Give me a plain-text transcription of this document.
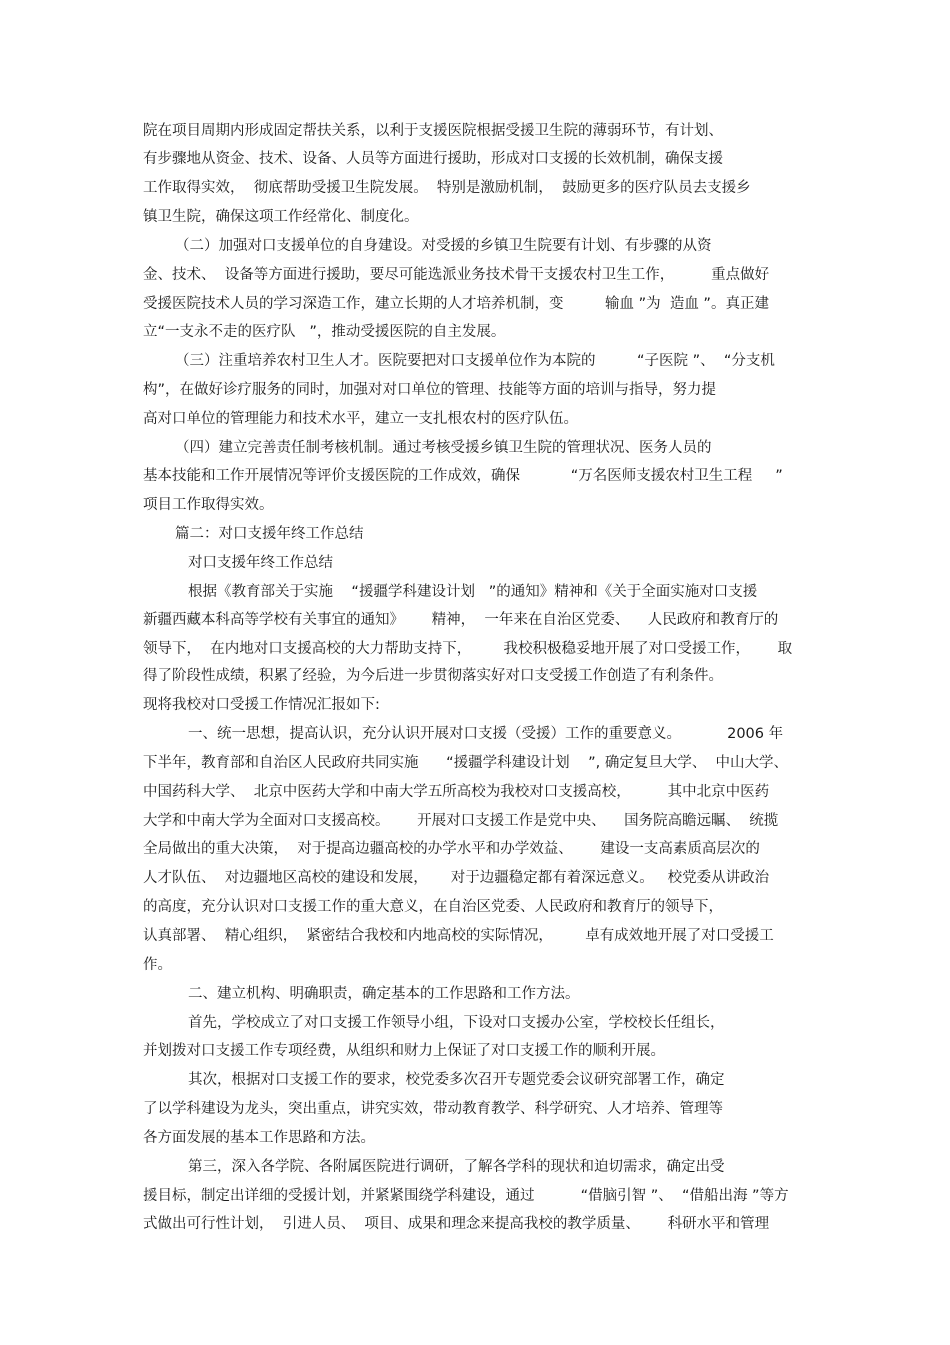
院在项目周期内形成固定帮扶关系，以利于支援医院根据受援卫生院的薄弱环节，有计划、
有步骤地从资金、技术、设备、人员等方面进行援助，形成对口支援的长效机制，确保支援
工作取得实效，  彻底帮助受援卫生院发展。  特别是激励机制，  鼓励更多的医疗队员去支援乡
镇卫生院，确保这项工作经常化、制度化。
（二）加强对口支援单位的自身建设。对受援的乡镇卫生院要有计划、有步骤的从资
金、技术、  设备等方面进行援助，要尽可能选派业务技术骨干支援农村卫生工作，        重点做好
受援医院技术人员的学习深造工作，建立长期的人才培养机制，变         输血 ”为  造血 ”。真正建
立“一支永不走的医疗队   ”，推动受援医院的自主发展。
（三）注重培养农村卫生人才。医院要把对口支援单位作为本院的         “子医院 ”、  “分支机
构”，在做好诊疗服务的同时，加强对对口单位的管理、技能等方面的培训与指导，努力提
高对口单位的管理能力和技术水平，建立一支扎根农村的医疗队伍。
（四）建立完善责任制考核机制。通过考核受援乡镇卫生院的管理状况、医务人员的
基本技能和工作开展情况等评价支援医院的工作成效，确保           “万名医师支援农村卫生工程     ”
项目工作取得实效。
篇二：对口支援年终工作总结
对口支援年终工作总结
根据《教育部关于实施    “援疆学科建设计划   ”的通知》精神和《关于全面实施对口支援
新疆西藏本科高等学校有关事宜的通知》      精神，  一年来在自治区党委、    人民政府和教育厅的
领导下，  在内地对口支援高校的大力帮助支持下，       我校积极稳妥地开展了对口受援工作，      取
得了阶段性成绩，积累了经验，为今后进一步贯彻落实好对口支受援工作创造了有利条件。
现将我校对口受援工作情况汇报如下:
一、统一思想，提高认识，充分认识开展对口支援（受援）工作的重要意义。          2006 年
下半年，教育部和自治区人民政府共同实施      “援疆学科建设计划    ”, 确定复旦大学、  中山大学、
中国药科大学、  北京中医药大学和中南大学五所高校为我校对口支援高校，        其中北京中医药
大学和中南大学为全面对口支援高校。      开展对口支援工作是党中央、    国务院高瞻远瞩、  统揽
全局做出的重大决策，  对于提高边疆高校的办学水平和办学效益、      建设一支高素质高层次的
人才队伍、  对边疆地区高校的建设和发展，     对于边疆稳定都有着深远意义。   校党委从讲政治
的高度，充分认识对口支援工作的重大意义，在自治区党委、人民政府和教育厅的领导下，
认真部署、  精心组织，  紧密结合我校和内地高校的实际情况，       卓有成效地开展了对口受援工
作。
二、建立机构、明确职责，确定基本的工作思路和工作方法。
首先，学校成立了对口支援工作领导小组，下设对口支援办公室，学校校长任组长，
并划拨对口支援工作专项经费，从组织和财力上保证了对口支援工作的顺利开展。
其次，根据对口支援工作的要求，校党委多次召开专题党委会议研究部署工作，确定
了以学科建设为龙头，突出重点，讲究实效，带动教育教学、科学研究、人才培养、管理等
各方面发展的基本工作思路和方法。
第三，深入各学院、各附属医院进行调研，了解各学科的现状和迫切需求，确定出受
援目标，制定出详细的受援计划，并紧紧围绕学科建设，通过          “借脑引智 ”、  “借船出海 ”等方
式做出可行性计划，  引进人员、  项目、成果和理念来提高我校的教学质量、      科研水平和管理
